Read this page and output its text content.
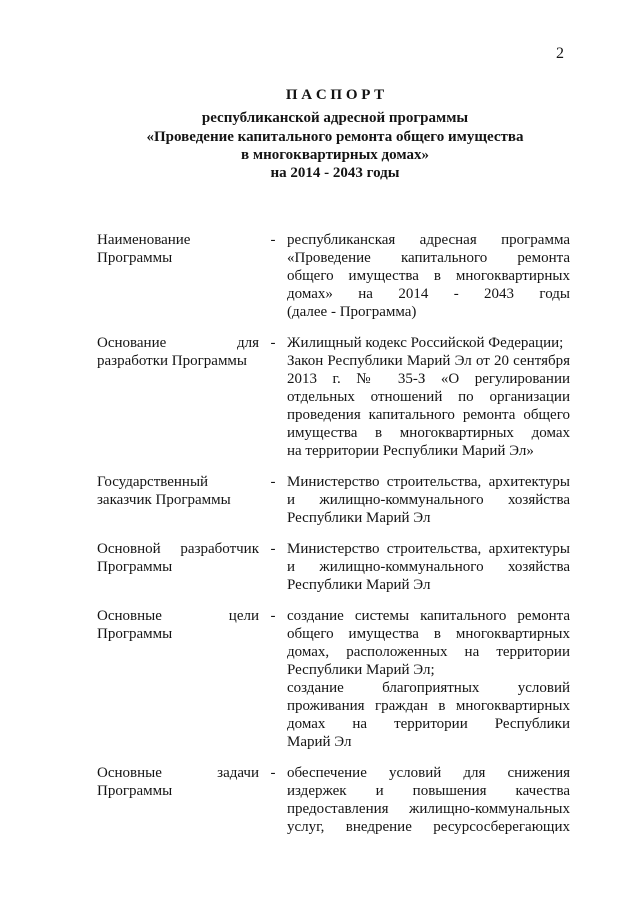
2
П А С П О Р Т
республиканской адресной программы
«Проведение капитального ремонта общего имущества
в многоквартирных домах»
на 2014 - 2043 годы
Наименование
Программы
- республиканская адресная программа
«Проведение капитального ремонта
общего имущества в многоквартирных
домах» на 2014 - 2043 годы
(далее - Программа)
Основание для
разработки Программы
- Жилищный кодекс Российской Федерации;
Закон Республики Марий Эл от 20 сентября
2013 г. № 35-З «О регулировании
отдельных отношений по организации
проведения капитального ремонта общего
имущества в многоквартирных домах
на территории Республики Марий Эл»
Государственный
заказчик Программы
- Министерство строительства, архитектуры
и жилищно-коммунального хозяйства
Республики Марий Эл
Основной разработчик
Программы
- Министерство строительства, архитектуры
и жилищно-коммунального хозяйства
Республики Марий Эл
Основные цели
Программы
- создание системы капитального ремонта
общего имущества в многоквартирных
домах, расположенных на территории
Республики Марий Эл;
создание благоприятных условий
проживания граждан в многоквартирных
домах на территории Республики
Марий Эл
Основные задачи
Программы
- обеспечение условий для снижения
издержек и повышения качества
предоставления жилищно-коммунальных
услуг, внедрение ресурсосберегающих
